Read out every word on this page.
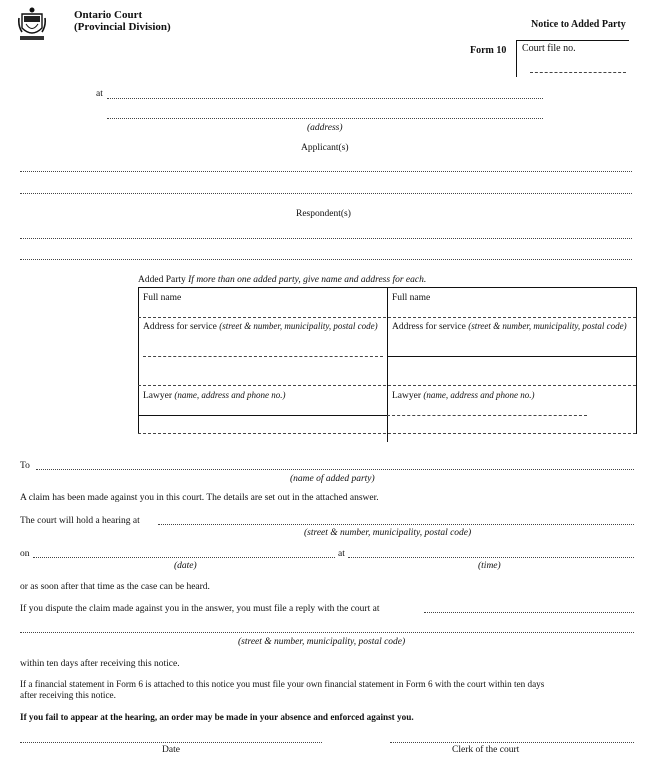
Ontario Court
(Provincial Division)	Notice to Added Party
Form 10 Court file no.
at
(address)
Applicant(s)
Respondent(s)
Added Party If more than one added party, give name and address for each.
Full name	Full name
Address for service (street & number, municipality, postal code) Address for service (street & number, municipality, postal code)
Lawyer (name, address and phone no.)	Lawyer (name, address and phone no.)
To
(name of added party)
A claim has been made against you in this court. The details are set out in the attached answer.
The court will hold a hearing at
(street & number, municipality, postal code)
on	at
(date)	(time)
or as soon after that time as the case can be heard.
If you dispute the claim made against you in the answer, you must file a reply with the court at
(street & number, municipality, postal code)
within ten days after receiving this notice.
If a financial statement in Form 6 is attached to this notice you must file your own financial statement in Form 6 with the court within ten days
after receiving this notice.
If you fail to appear at the hearing, an order may be made in your absence and enforced against you.
Date	Clerk of the court
